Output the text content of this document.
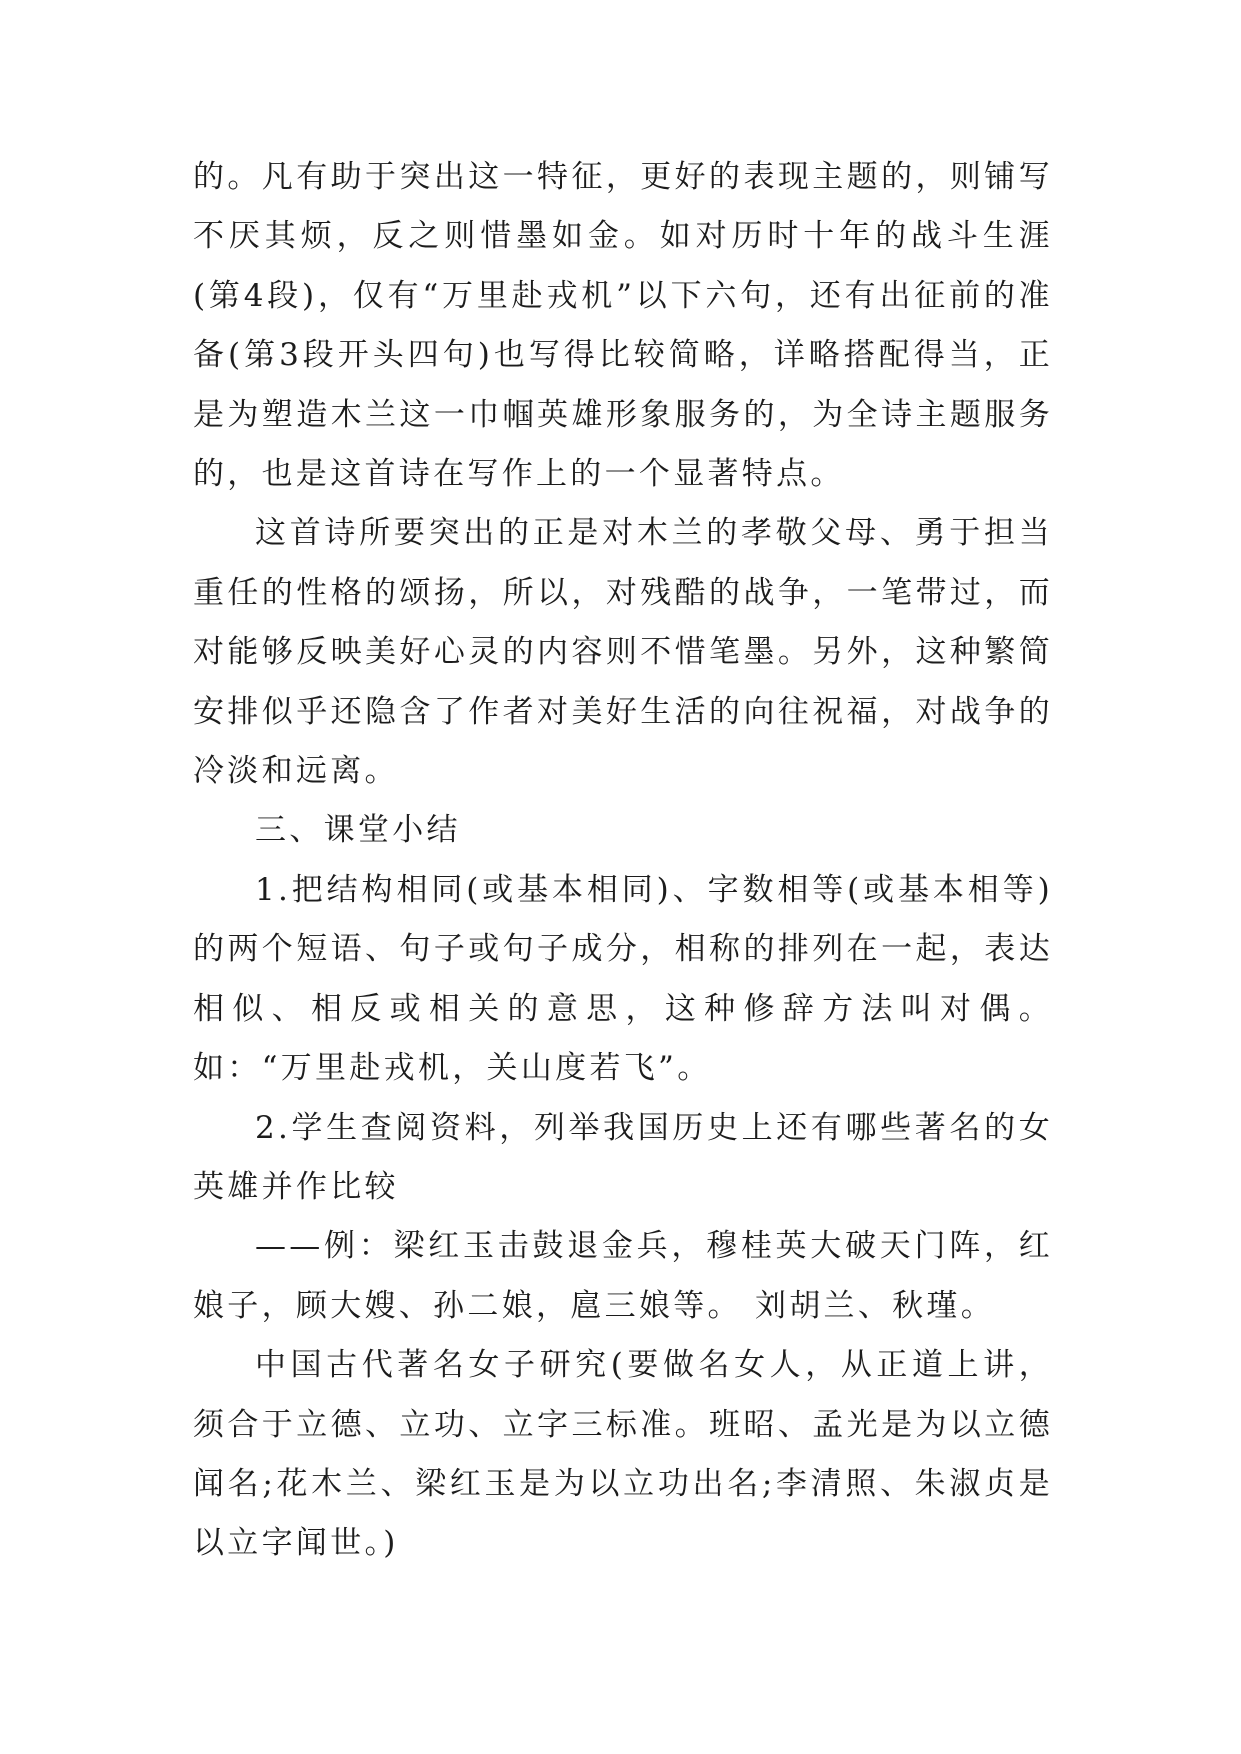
的。凡有助于突出这一特征，更好的表现主题的，则铺写不厌其烦，反之则惜墨如金。如对历时十年的战斗生涯(第4段)，仅有“万里赴戎机”以下六句，还有出征前的准备(第3段开头四句)也写得比较简略，详略搭配得当，正是为塑造木兰这一巾帼英雄形象服务的，为全诗主题服务的，也是这首诗在写作上的一个显著特点。

这首诗所要突出的正是对木兰的孝敬父母、勇于担当重任的性格的颂扬，所以，对残酷的战争，一笔带过，而对能够反映美好心灵的内容则不惜笔墨。另外，这种繁简安排似乎还隐含了作者对美好生活的向往祝福，对战争的冷淡和远离。

三、课堂小结

1.把结构相同(或基本相同)、字数相等(或基本相等)的两个短语、句子或句子成分，相称的排列在一起，表达相似、相反或相关的意思，这种修辞方法叫对偶。如：“万里赴戎机，关山度若飞”。

2.学生查阅资料，列举我国历史上还有哪些著名的女英雄并作比较

——例：梁红玉击鼓退金兵，穆桂英大破天门阵，红娘子，顾大嫂、孙二娘，扈三娘等。 刘胡兰、秋瑾。

中国古代著名女子研究(要做名女人，从正道上讲，须合于立德、立功、立字三标准。班昭、孟光是为以立德闻名;花木兰、梁红玉是为以立功出名;李清照、朱淑贞是以立字闻世。)
